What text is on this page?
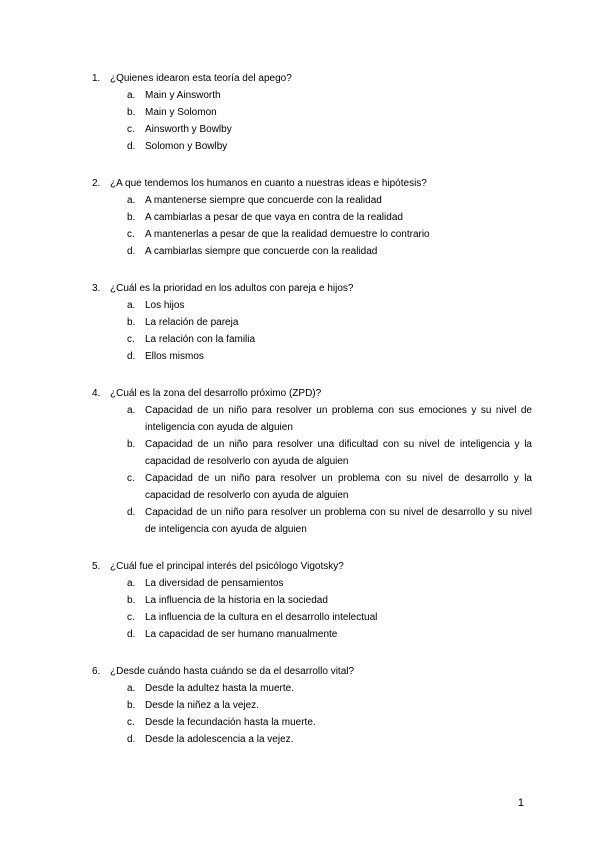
1. ¿Quienes idearon esta teoría del apego?
a. Main y Ainsworth
b. Main y Solomon
c.	Ainsworth y Bowlby
d. Solomon y Bowlby
2. ¿A que tendemos los humanos en cuanto a nuestras ideas e hipótesis?
a. A mantenerse siempre que concuerde con la realidad
b. A cambiarlas a pesar de que vaya en contra de la realidad
c.	A mantenerlas a pesar de que la realidad demuestre lo contrario
d. A cambiarlas siempre que concuerde con la realidad
3. ¿Cuál es la prioridad en los adultos con pareja e hijos?
a. Los hijos
b. La relación de pareja
c.	La relación con la familia
d. Ellos mismos
4. ¿Cuál es la zona del desarrollo próximo (ZPD)?
a. Capacidad de un niño para resolver un problema con sus emociones y su nivel de inteligencia con ayuda de alguien
b. Capacidad de un niño para resolver una dificultad con su nivel de inteligencia y la capacidad de resolverlo con ayuda de alguien
c.	Capacidad de un niño para resolver un problema con su nivel de desarrollo y la capacidad de resolverlo con ayuda de alguien
d. Capacidad de un niño para resolver un problema con su nivel de desarrollo y su nivel de inteligencia con ayuda de alguien
5. ¿Cuál fue el principal interés del psicólogo Vigotsky?
a. La diversidad de pensamientos
b. La influencia de la historia en la sociedad
c.	La influencia de la cultura en el desarrollo intelectual
d. La capacidad de ser humano manualmente
6. ¿Desde cuándo hasta cuándo se da el desarrollo vital?
a. Desde la adultez hasta la muerte.
b. Desde la niñez a la vejez.
c.	Desde la fecundación hasta la muerte.
d. Desde la adolescencia a la vejez.
1
